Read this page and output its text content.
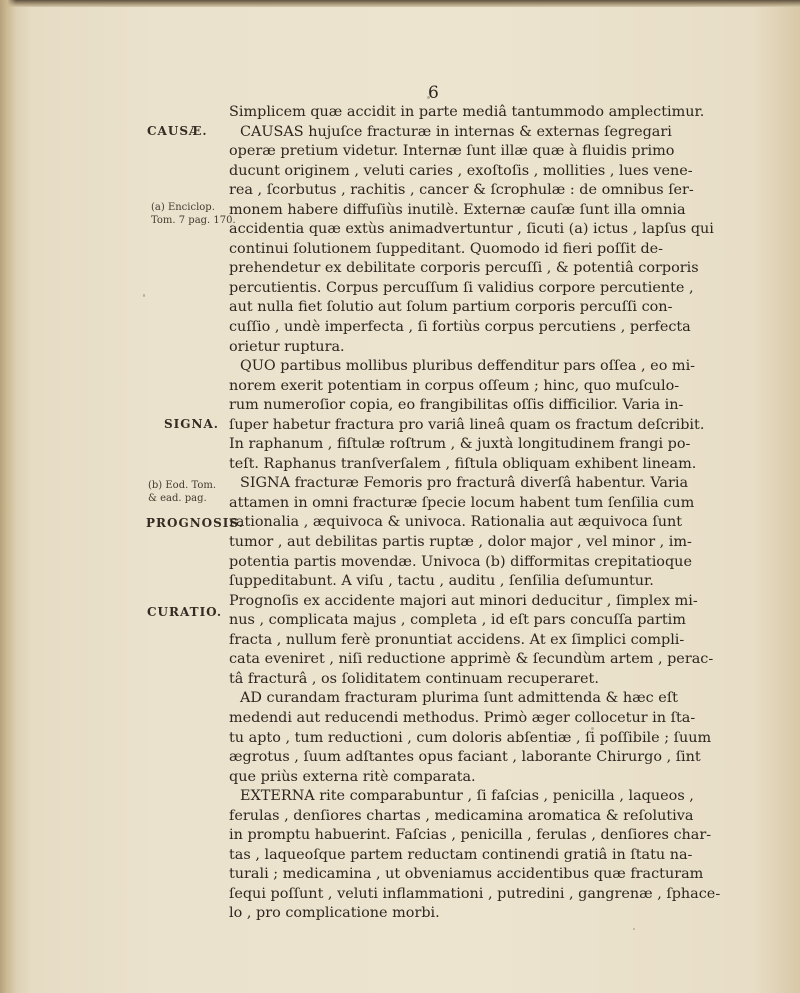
6
CAUSÆ.
(a) Enciclop.
Tom. 7 pag. 170.
SIGNA.
(b) Eod. Tom.
& ead. pag.
PROGNOSIS.
CURATIO.
Simplicem quæ accidit in parte mediâ tantummodo amplectimur.
CAUSAS hujuſce fracturæ in internas & externas ſegregari
operæ pretium videtur. Internæ ſunt illæ quæ à fluidis primo
ducunt originem , veluti caries , exoſtoſis , mollities , lues vene-
rea , ſcorbutus , rachitis , cancer & ſcrophulæ : de omnibus ſer-
monem habere diffuſiùs inutilè. Externæ cauſæ ſunt illa omnia
accidentia quæ extùs animadvertuntur , ſicuti (a) ictus , lapſus qui
continui ſolutionem ſuppeditant. Quomodo id fieri poſſit de-
prehendetur ex debilitate corporis percuſſi , & potentiâ corporis
percutientis. Corpus percuſſum ſi validius corpore percutiente ,
aut nulla fiet ſolutio aut ſolum partium corporis percuſſi con-
cuſſio , undè imperfecta , ſi fortiùs corpus percutiens , perfecta
orietur ruptura.
QUO partibus mollibus pluribus deffenditur pars oſſea , eo mi-
norem exerit potentiam in corpus oſſeum ; hinc, quo muſculo-
rum numeroſior copia, eo frangibilitas oſſis difficilior. Varia in-
ſuper habetur fractura pro variâ lineâ quam os fractum deſcribit.
In raphanum , fiſtulæ roſtrum , & juxtà longitudinem frangi po-
teſt. Raphanus tranſverſalem , fiſtula obliquam exhibent lineam.
SIGNA fracturæ Femoris pro fracturâ diverſâ habentur. Varia
attamen in omni fracturæ ſpecie locum habent tum ſenſilia cum
rationalia , æquivoca & univoca. Rationalia aut æquivoca ſunt
tumor , aut debilitas partis ruptæ , dolor major , vel minor , im-
potentia partis movendæ. Univoca (b) difformitas crepitatioque
ſuppeditabunt. A viſu , tactu , auditu , ſenſilia deſumuntur.
Prognoſis ex accidente majori aut minori deducitur , ſimplex mi-
nus , complicata majus , completa , id eſt pars concuſſa partim
fracta , nullum ferè pronuntiat accidens. At ex ſimplici compli-
cata eveniret , niſi reductione apprimè & ſecundùm artem , perac-
tâ fracturâ , os ſoliditatem continuam recuperaret.
AD curandam fracturam plurima ſunt admittenda & hæc eſt
medendi aut reducendi methodus. Primò æger collocetur in ſta-
tu apto , tum reductioni , cum doloris abſentiæ , ſi poſſibile ; ſuum
ægrotus , ſuum adſtantes opus faciant , laborante Chirurgo , ſint
que priùs externa ritè comparata.
EXTERNA rite comparabuntur , ſi faſcias , penicilla , laqueos ,
ferulas , denſiores chartas , medicamina aromatica & reſolutiva
in promptu habuerint. Faſcias , penicilla , ferulas , denſiores char-
tas , laqueoſque partem reductam continendi gratiâ in ſtatu na-
turali ; medicamina , ut obveniamus accidentibus quæ fracturam
ſequi poſſunt , veluti inflammationi , putredini , gangrenæ , ſphace-
lo , pro complicatione morbi.
